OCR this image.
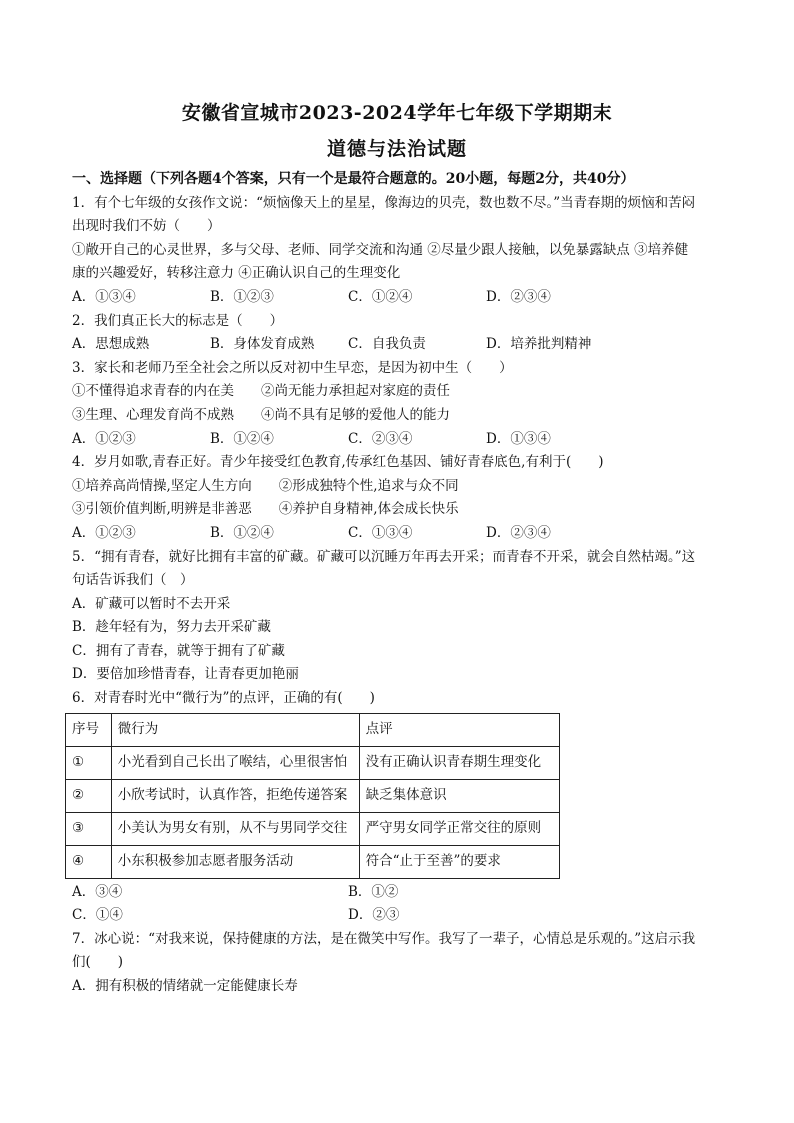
安徽省宣城市2023-2024学年七年级下学期期末
道德与法治试题
一、选择题（下列各题4个答案，只有一个是最符合题意的。20小题，每题2分，共40分）
1．有个七年级的女孩作文说：“烦恼像天上的星星，像海边的贝壳，数也数不尽。”当青春期的烦恼和苦闷
出现时我们不妨（　　）
①敞开自己的心灵世界，多与父母、老师、同学交流和沟通 ②尽量少跟人接触，以免暴露缺点 ③培养健
康的兴趣爱好，转移注意力 ④正确认识自己的生理变化
A．①③④	B．①②③	C．①②④	D．②③④
2．我们真正长大的标志是（　　）
A．思想成熟	B．身体发育成熟	C．自我负责	D．培养批判精神
3．家长和老师乃至全社会之所以反对初中生早恋，是因为初中生（　　）
①不懂得追求青春的内在美　　②尚无能力承担起对家庭的责任
③生理、心理发育尚不成熟　　④尚不具有足够的爱他人的能力
A．①②③	B．①②④	C．②③④	D．①③④
4．岁月如歌,青春正好。青少年接受红色教育,传承红色基因、铺好青春底色,有利于(　　)
①培养高尚情操,坚定人生方向　　②形成独特个性,追求与众不同
③引领价值判断,明辨是非善恶　　④养护自身精神,体会成长快乐
A．①②③	B．①②④	C．①③④	D．②③④
5．“拥有青春，就好比拥有丰富的矿藏。矿藏可以沉睡万年再去开采；而青春不开采，就会自然枯竭。”这
句话告诉我们（　）
A．矿藏可以暂时不去开采
B．趁年轻有为，努力去开采矿藏
C．拥有了青春，就等于拥有了矿藏
D．要倍加珍惜青春，让青春更加艳丽
6．对青春时光中“微行为”的点评，正确的有(　　)
序号	微行为	点评
①	小光看到自己长出了喉结，心里很害怕	没有正确认识青春期生理变化
②	小欣考试时，认真作答，拒绝传递答案	缺乏集体意识
③	小美认为男女有别，从不与男同学交往	严守男女同学正常交往的原则
④	小东积极参加志愿者服务活动	符合“止于至善”的要求
A．③④	B．①②
C．①④	D．②③
7．冰心说：“对我来说，保持健康的方法，是在微笑中写作。我写了一辈子，心情总是乐观的。”这启示我
们(　　)
A．拥有积极的情绪就一定能健康长寿
